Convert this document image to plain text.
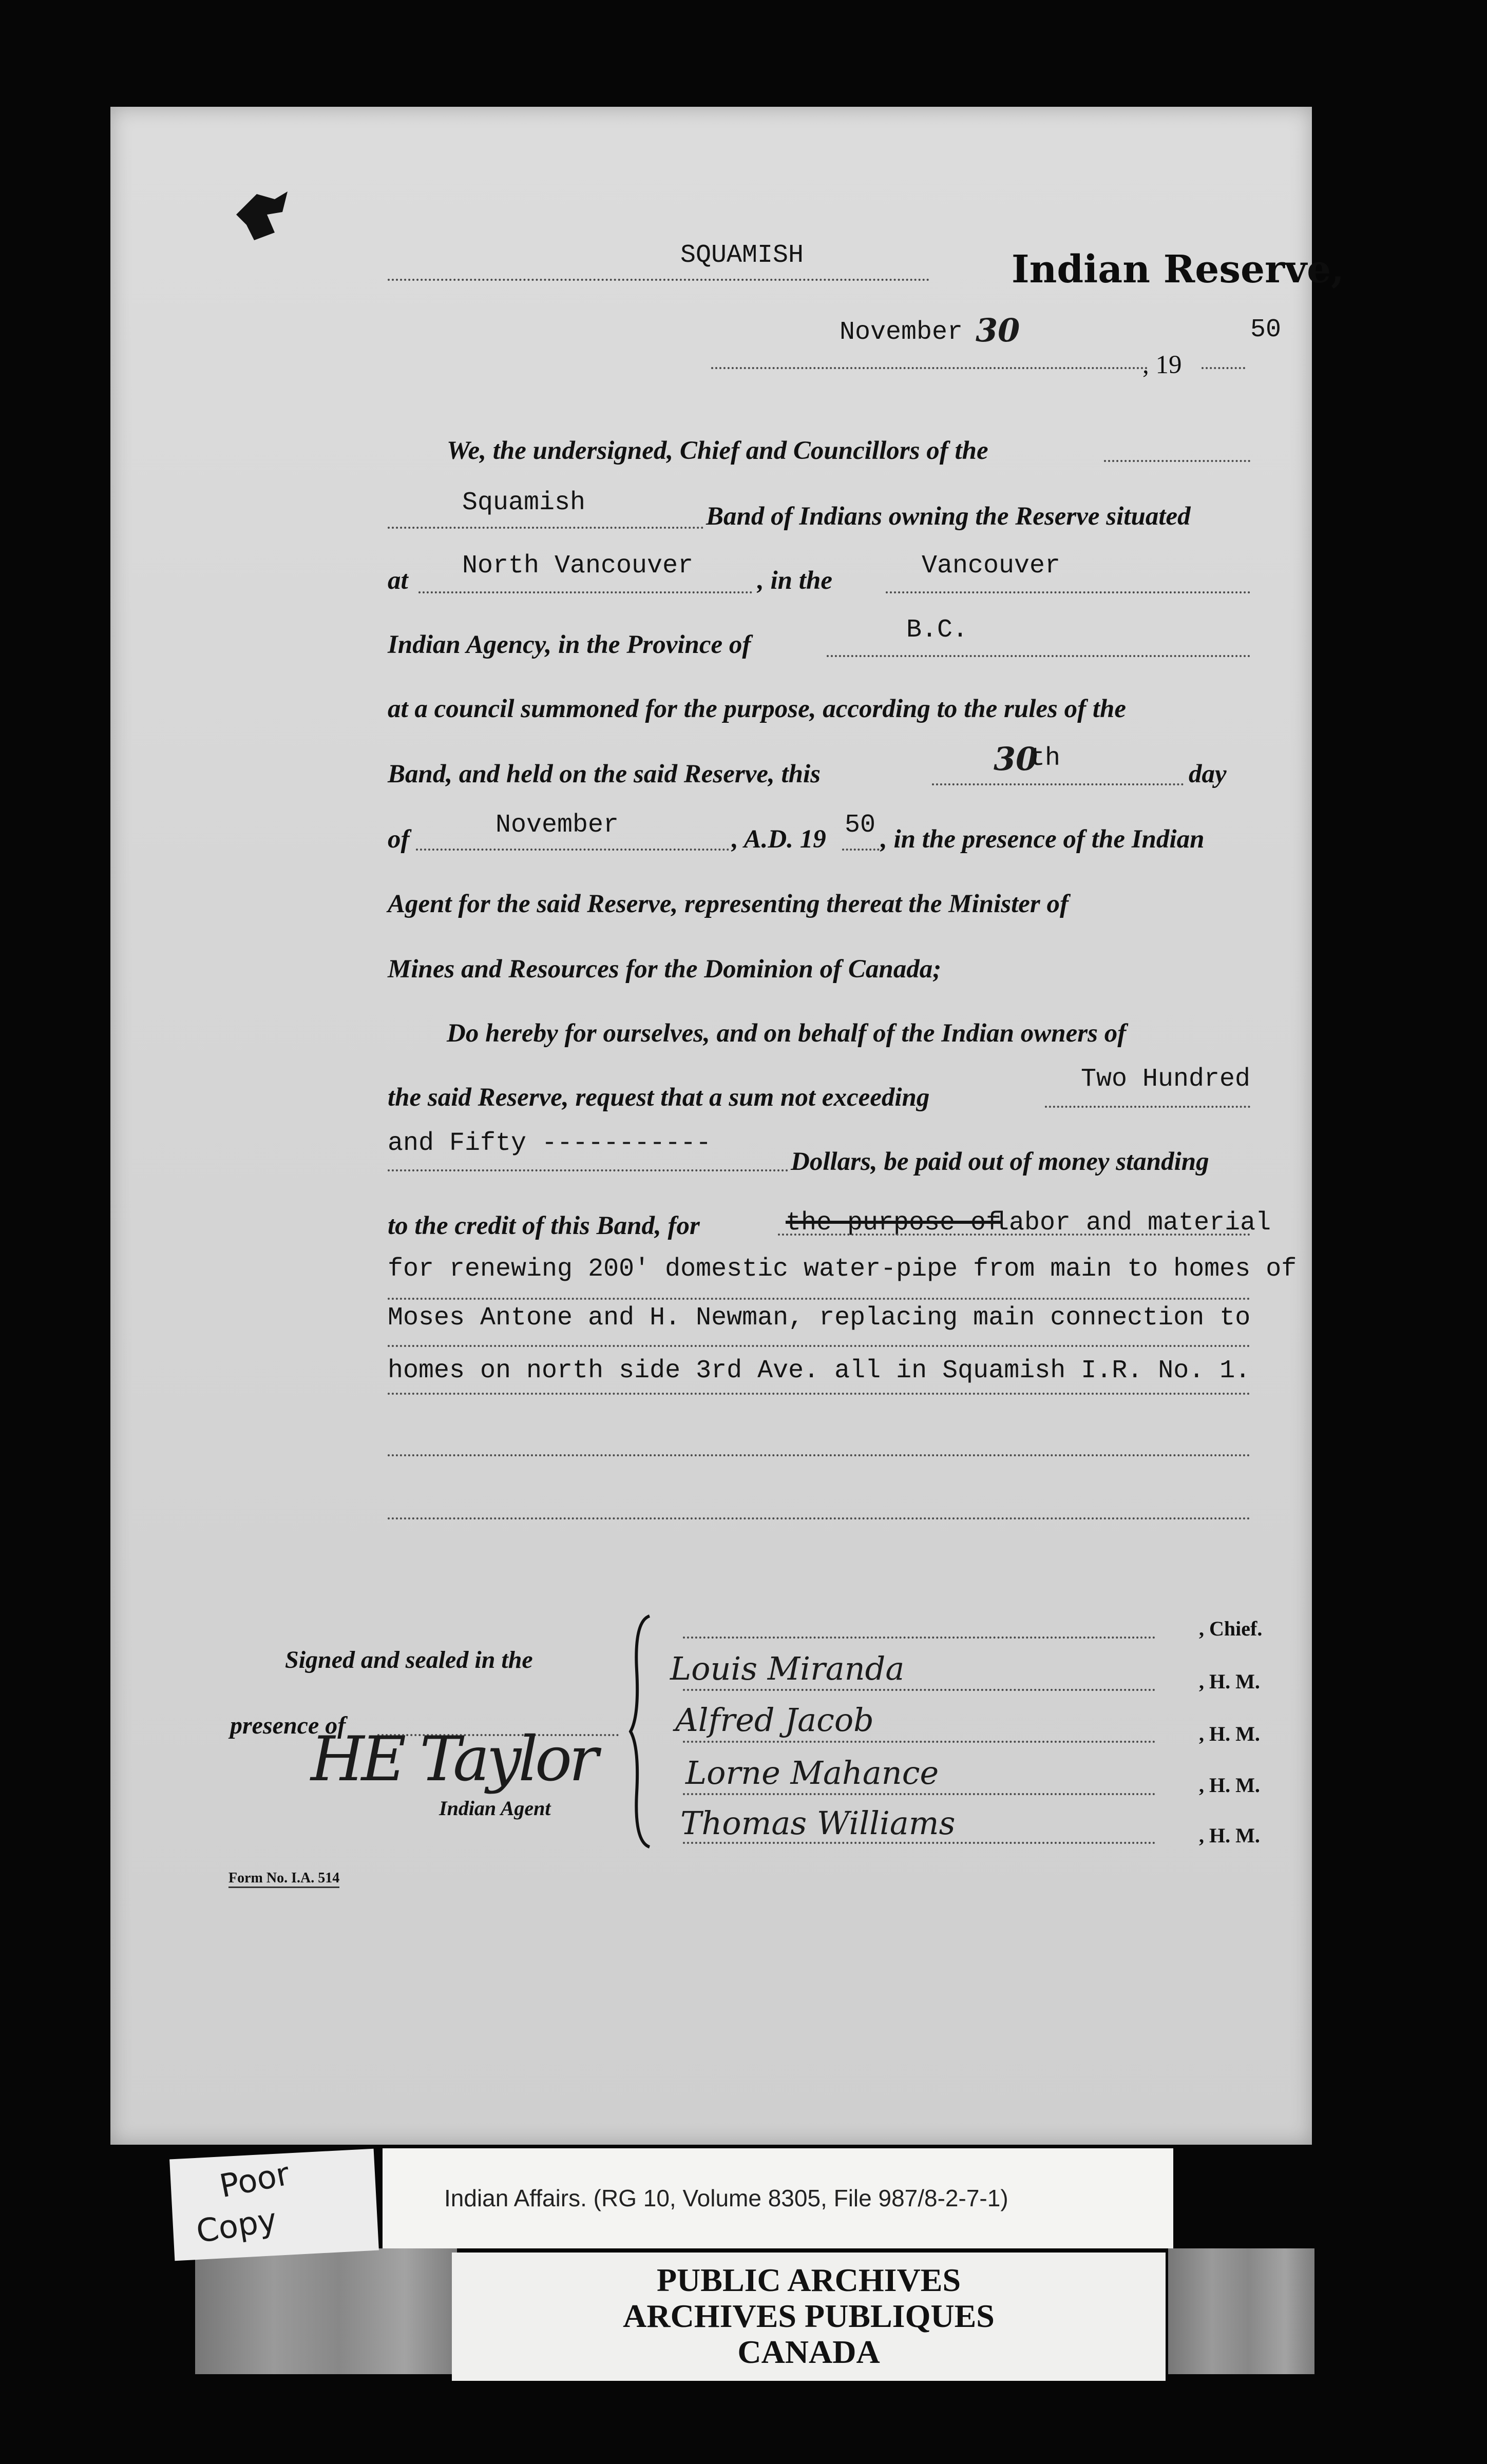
SQUAMISH	Indian Reserve,
November 30	50
, 19
We, the undersigned, Chief and Councillors of the
Squamish	Band of Indians owning the Reserve situated
at North Vancouver , in the	Vancouver
Indian Agency, in the Province of	B.C.
at a council summoned for the purpose, according to the rules of the
Band, and held on the said Reserve, this	30
th
day
of	November	, A.D. 19 50 , in the presence of the Indian
Agent for the said Reserve, representing thereat the Minister of
Mines and Resources for the Dominion of Canada;
Do hereby for ourselves, and on behalf of the Indian owners of
the said Reserve, request that a sum not exceeding
Two Hundred
and Fifty -----------
Dollars, be paid out of money standing
to the credit of this Band, for	the purpose of
labor and material
for renewing 200' domestic water-pipe from main to homes of
Moses Antone and H. Newman, replacing main connection to
homes on north side 3rd Ave. all in Squamish I.R. No. 1.
, Chief.
Signed and sealed in the
presence of
HE Taylor
Indian Agent
Louis Miranda	, H. M.
Alfred Jacob	, H. M.
Lorne Mahance	, H. M.
Thomas Williams	, H. M.
Form No. I.A. 514
Poor
Copy
Indian Affairs. (RG 10, Volume 8305, File 987/8-2-7-1)
PUBLIC ARCHIVES
ARCHIVES PUBLIQUES
CANADA
